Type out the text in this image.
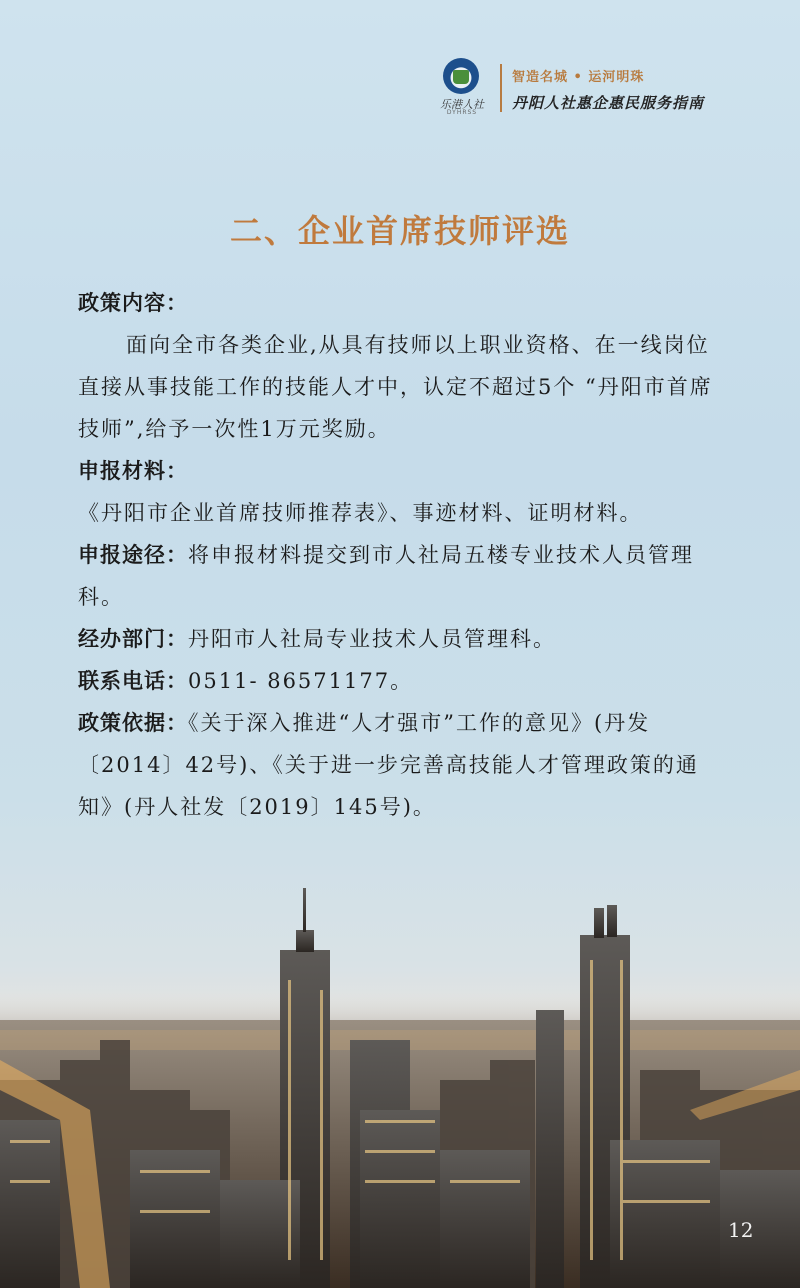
乐港人社
DYHRSS
智造名城 • 运河明珠
丹阳人社惠企惠民服务指南
二、企业首席技师评选

政策内容：

面向全市各类企业,从具有技师以上职业资格、在一线岗位直接从事技能工作的技能人才中，认定不超过5个 “丹阳市首席技师”,给予一次性1万元奖励。

申报材料：

《丹阳市企业首席技师推荐表》、事迹材料、证明材料。

申报途径：将申报材料提交到市人社局五楼专业技术人员管理科。

经办部门：丹阳市人社局专业技术人员管理科。

联系电话：0511- 86571177。

政策依据：《关于深入推进“人才强市”工作的意见》(丹发〔2014〕42号)、《关于进一步完善高技能人才管理政策的通知》(丹人社发〔2019〕145号)。

12
